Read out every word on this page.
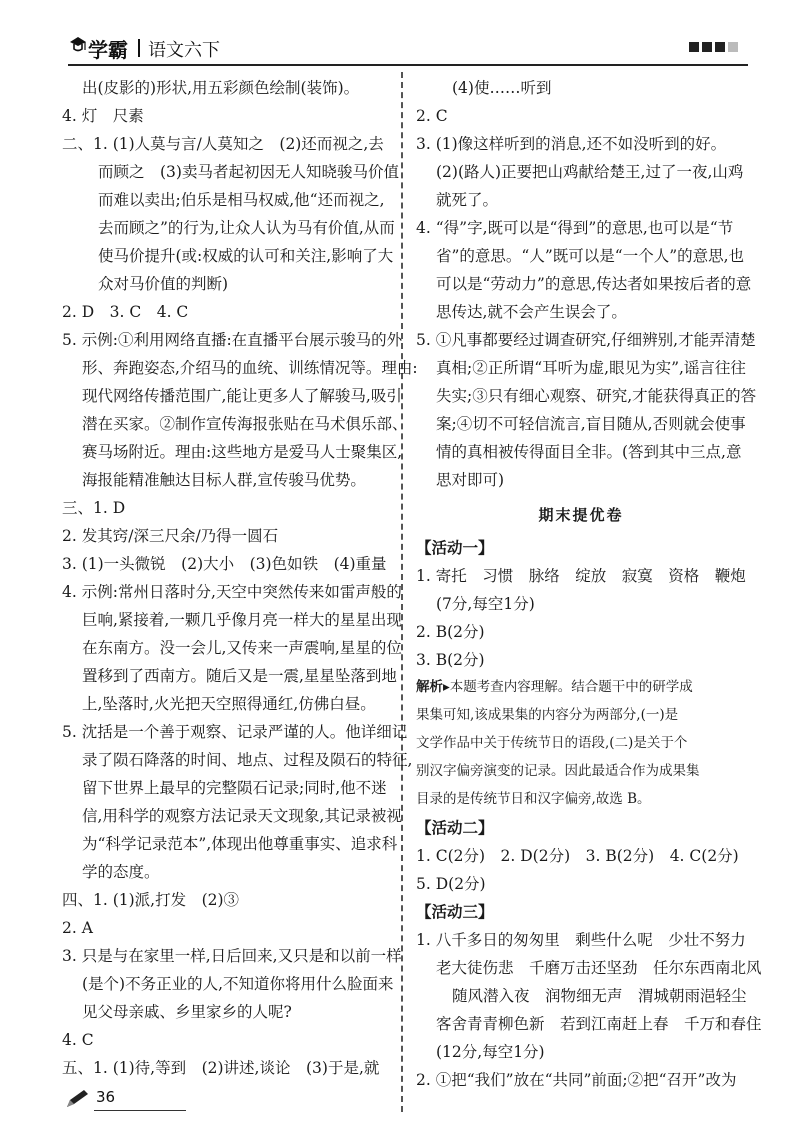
学霸 语文六下
出(皮影的)形状,用五彩颜色绘制(装饰)。
4. 灯　尺素
二、1. (1)人莫与言/人莫知之　(2)还而视之,去
而顾之　(3)卖马者起初因无人知晓骏马价值
而难以卖出;伯乐是相马权威,他“还而视之,
去而顾之”的行为,让众人认为马有价值,从而
使马价提升(或:权威的认可和关注,影响了大
众对马价值的判断)
2. D　3. C　4. C
5. 示例:①利用网络直播:在直播平台展示骏马的外
形、奔跑姿态,介绍马的血统、训练情况等。理由:
现代网络传播范围广,能让更多人了解骏马,吸引
潜在买家。②制作宣传海报张贴在马术俱乐部、
赛马场附近。理由:这些地方是爱马人士聚集区,
海报能精准触达目标人群,宣传骏马优势。
三、1. D
2. 发其窍/深三尺余/乃得一圆石
3. (1)一头微锐　(2)大小　(3)色如铁　(4)重量
4. 示例:常州日落时分,天空中突然传来如雷声般的
巨响,紧接着,一颗几乎像月亮一样大的星星出现
在东南方。没一会儿,又传来一声震响,星星的位
置移到了西南方。随后又是一震,星星坠落到地
上,坠落时,火光把天空照得通红,仿佛白昼。
5. 沈括是一个善于观察、记录严谨的人。他详细记
录了陨石降落的时间、地点、过程及陨石的特征,
留下世界上最早的完整陨石记录;同时,他不迷
信,用科学的观察方法记录天文现象,其记录被视
为“科学记录范本”,体现出他尊重事实、追求科
学的态度。
四、1. (1)派,打发　(2)③
2. A
3. 只是与在家里一样,日后回来,又只是和以前一样
(是个)不务正业的人,不知道你将用什么脸面来
见父母亲戚、乡里家乡的人呢?
4. C
五、1. (1)待,等到　(2)讲述,谈论　(3)于是,就
(4)使……听到
2. C
3. (1)像这样听到的消息,还不如没听到的好。
(2)(路人)正要把山鸡献给楚王,过了一夜,山鸡
就死了。
4. “得”字,既可以是“得到”的意思,也可以是“节
省”的意思。“人”既可以是“一个人”的意思,也
可以是“劳动力”的意思,传达者如果按后者的意
思传达,就不会产生误会了。
5. ①凡事都要经过调查研究,仔细辨别,才能弄清楚
真相;②正所谓“耳听为虚,眼见为实”,谣言往往
失实;③只有细心观察、研究,才能获得真正的答
案;④切不可轻信流言,盲目随从,否则就会使事
情的真相被传得面目全非。(答到其中三点,意
思对即可)
期末提优卷
【活动一】
1. 寄托　习惯　脉络　绽放　寂寞　资格　鞭炮
(7分,每空1分)
2. B(2分)
3. B(2分)
解析▸本题考查内容理解。结合题干中的研学成
果集可知,该成果集的内容分为两部分,(一)是
文学作品中关于传统节日的语段,(二)是关于个
别汉字偏旁演变的记录。因此最适合作为成果集
目录的是传统节日和汉字偏旁,故选 B。
【活动二】
1. C(2分)　2. D(2分)　3. B(2分)　4. C(2分)
5. D(2分)
【活动三】
1. 八千多日的匆匆里　剩些什么呢　少壮不努力
老大徒伤悲　千磨万击还坚劲　任尔东西南北风
随风潜入夜　润物细无声　渭城朝雨浥轻尘
客舍青青柳色新　若到江南赶上春　千万和春住
(12分,每空1分)
2. ①把“我们”放在“共同”前面;②把“召开”改为
36
